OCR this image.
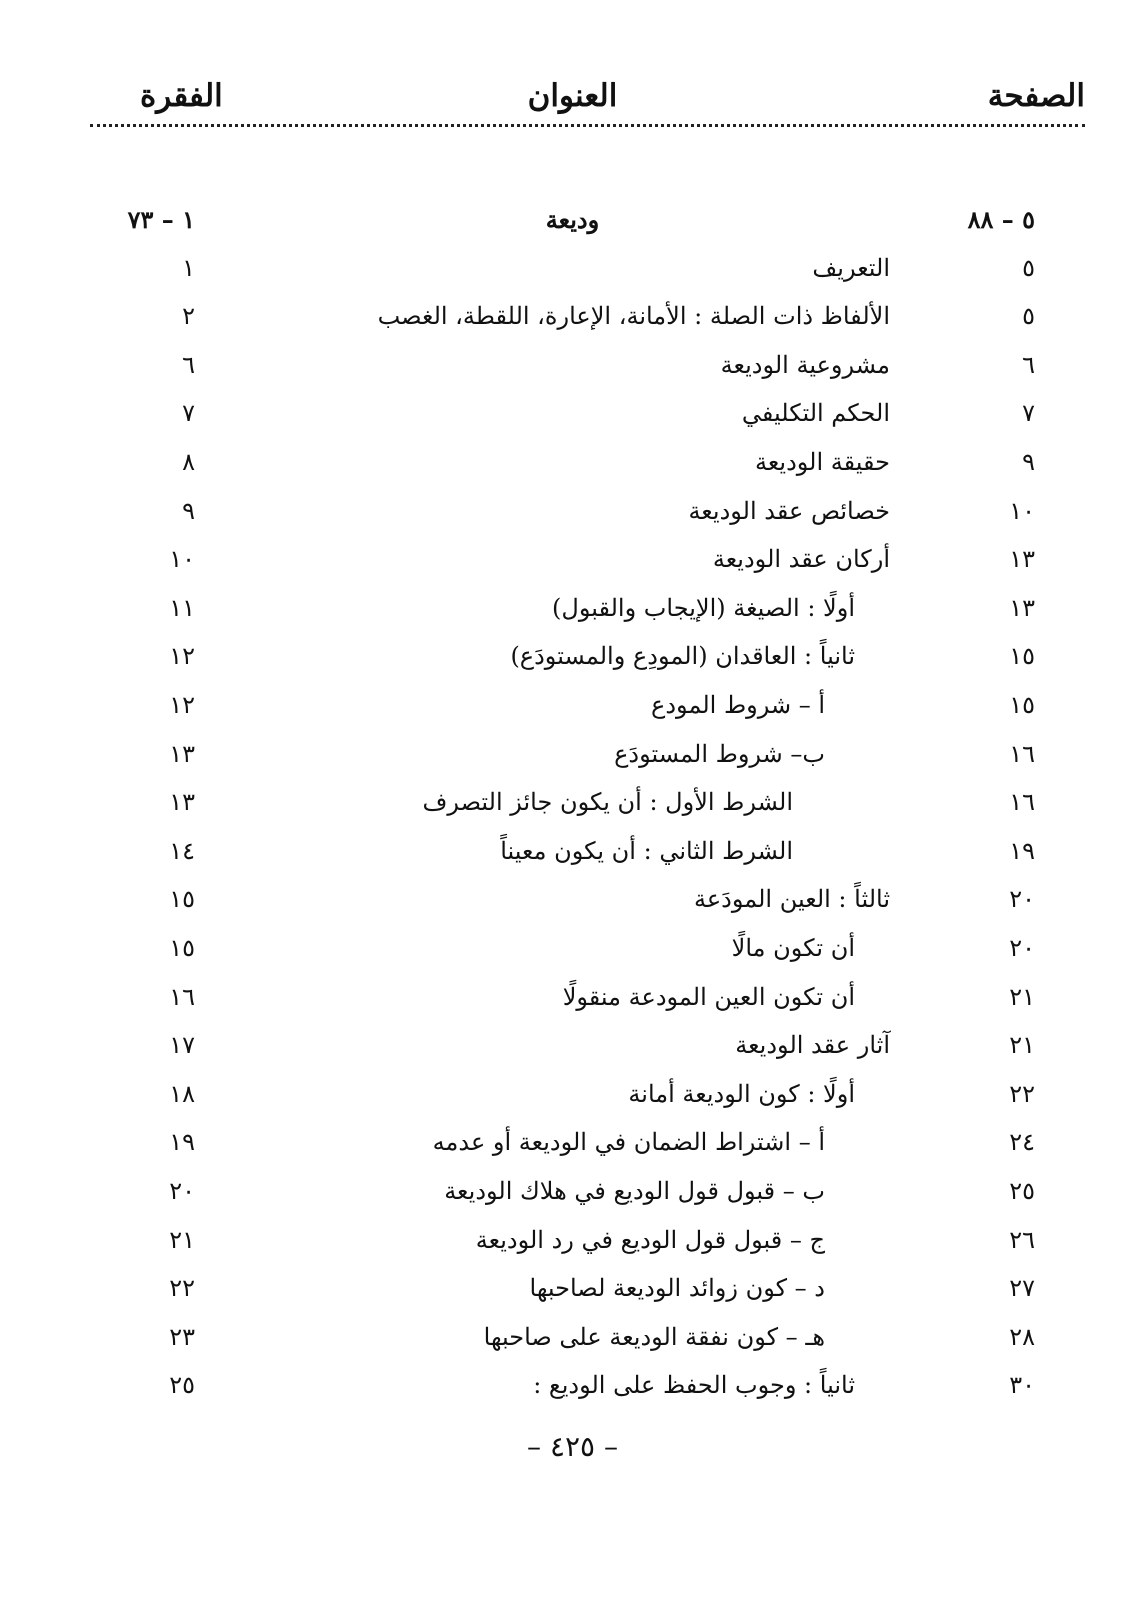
الصفحة
العنوان
الفقرة
٥ – ٨٨
وديعة
١ – ٧٣
٥
التعريف
١
٥
الألفاظ ذات الصلة : الأمانة، الإعارة، اللقطة، الغصب
٢
٦
مشروعية الوديعة
٦
٧
الحكم التكليفي
٧
٩
حقيقة الوديعة
٨
١٠
خصائص عقد الوديعة
٩
١٣
أركان عقد الوديعة
١٠
١٣
أولًا : الصيغة (الإيجاب والقبول)
١١
١٥
ثانياً : العاقدان (المودِع والمستودَع)
١٢
١٥
أ – شروط المودع
١٢
١٦
ب– شروط المستودَع
١٣
١٦
الشرط الأول : أن يكون جائز التصرف
١٣
١٩
الشرط الثاني : أن يكون معيناً
١٤
٢٠
ثالثاً : العين المودَعة
١٥
٢٠
أن تكون مالًا
١٥
٢١
أن تكون العين المودعة منقولًا
١٦
٢١
آثار عقد الوديعة
١٧
٢٢
أولًا : كون الوديعة أمانة
١٨
٢٤
أ – اشتراط الضمان في الوديعة أو عدمه
١٩
٢٥
ب – قبول قول الوديع في هلاك الوديعة
٢٠
٢٦
ج – قبول قول الوديع في رد الوديعة
٢١
٢٧
د – كون زوائد الوديعة لصاحبها
٢٢
٢٨
هـ – كون نفقة الوديعة على صاحبها
٢٣
٣٠
ثانياً : وجوب الحفظ على الوديع :
٢٥
– ٤٢٥ –
